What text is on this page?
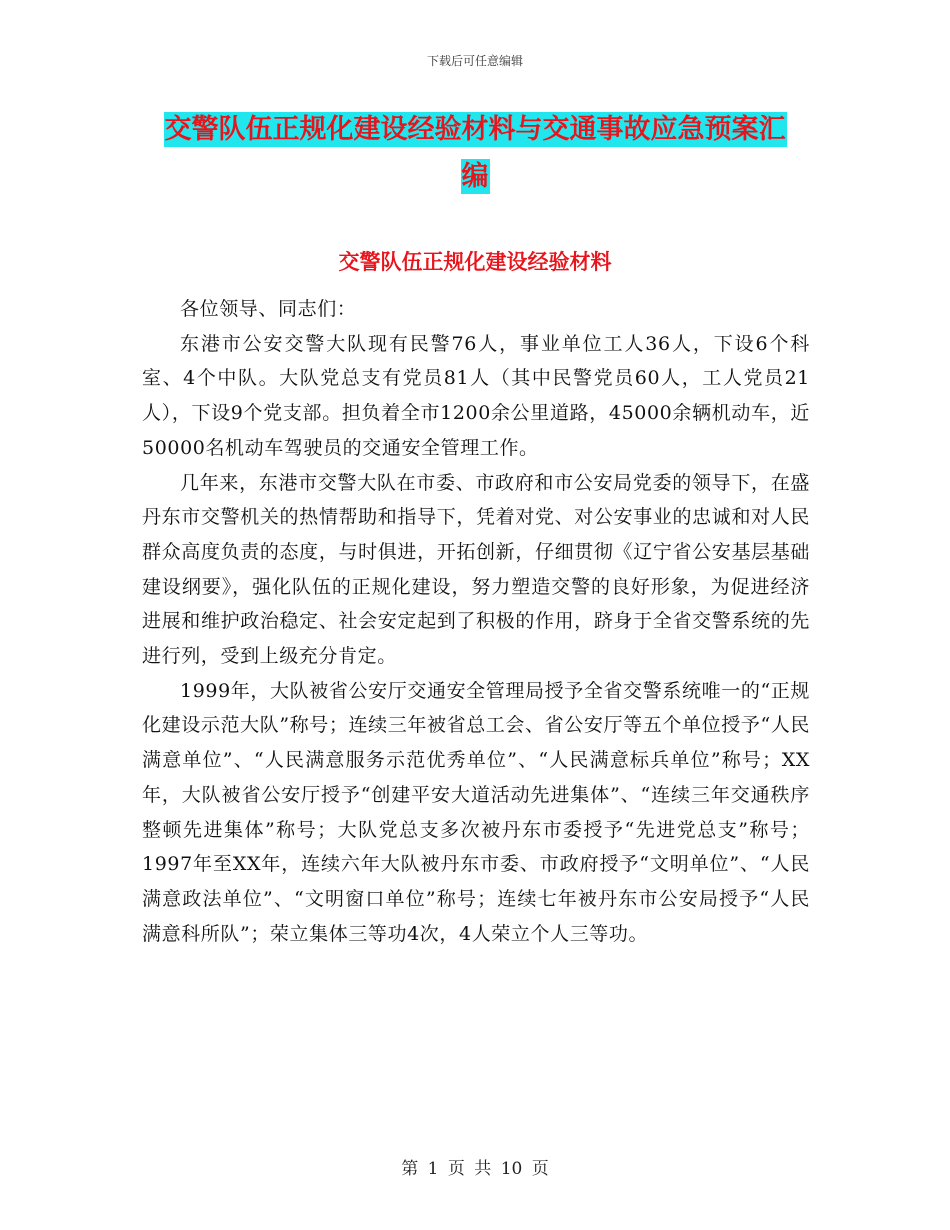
下载后可任意编辑
交警队伍正规化建设经验材料与交通事故应急预案汇
编
交警队伍正规化建设经验材料

各位领导、同志们：

东港市公安交警大队现有民警76人，事业单位工人36人，下设6个科室、4个中队。大队党总支有党员81人（其中民警党员60人，工人党员21人），下设9个党支部。担负着全市1200余公里道路，45000余辆机动车，近50000名机动车驾驶员的交通安全管理工作。

几年来，东港市交警大队在市委、市政府和市公安局党委的领导下，在盛丹东市交警机关的热情帮助和指导下，凭着对党、对公安事业的忠诚和对人民群众高度负责的态度，与时俱进，开拓创新，仔细贯彻《辽宁省公安基层基础建设纲要》，强化队伍的正规化建设，努力塑造交警的良好形象，为促进经济进展和维护政治稳定、社会安定起到了积极的作用，跻身于全省交警系统的先进行列，受到上级充分肯定。

1999年，大队被省公安厅交通安全管理局授予全省交警系统唯一的“正规化建设示范大队”称号；连续三年被省总工会、省公安厅等五个单位授予“人民满意单位”、“人民满意服务示范优秀单位”、“人民满意标兵单位”称号；XX年，大队被省公安厅授予“创建平安大道活动先进集体”、“连续三年交通秩序整顿先进集体”称号；大队党总支多次被丹东市委授予“先进党总支”称号；1997年至XX年，连续六年大队被丹东市委、市政府授予“文明单位”、“人民满意政法单位”、“文明窗口单位”称号；连续七年被丹东市公安局授予“人民满意科所队”；荣立集体三等功4次，4人荣立个人三等功。

第 1 页 共 10 页
